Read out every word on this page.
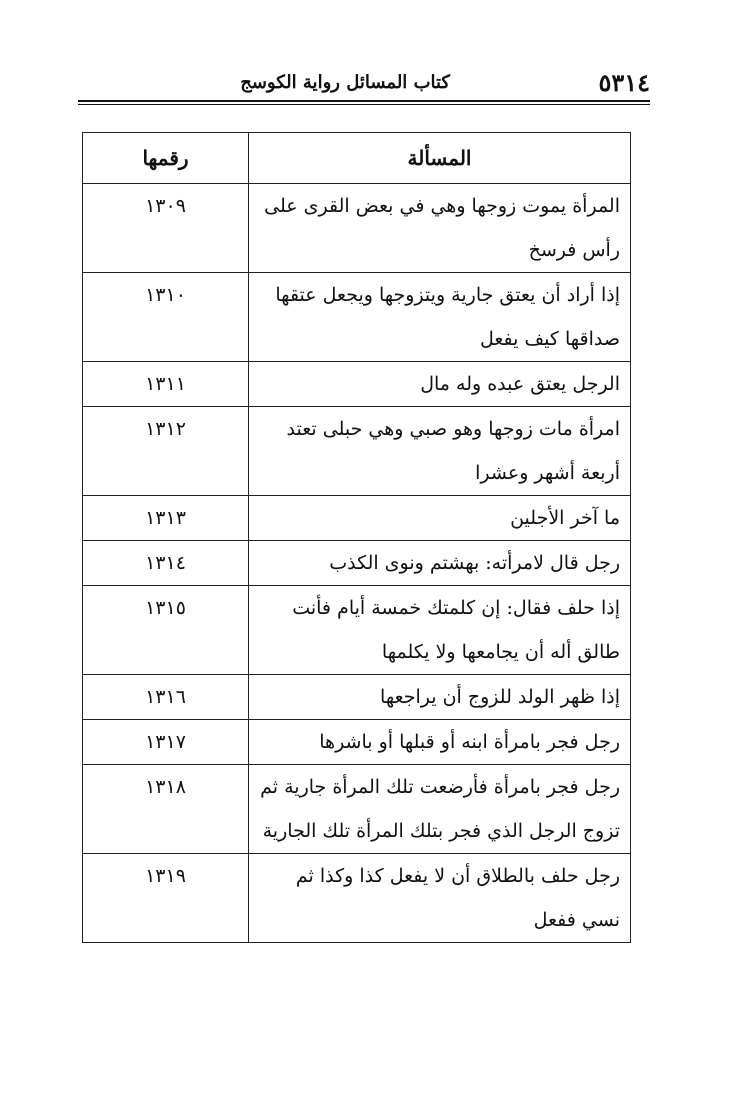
٥٣١٤
كتاب المسائل رواية الكوسج
المسألة	رقمها
المرأة يموت زوجها وهي في بعض القرى على رأس فرسخ	١٣٠٩
إذا أراد أن يعتق جارية ويتزوجها ويجعل عتقها صداقها كيف يفعل	١٣١٠
الرجل يعتق عبده وله مال	١٣١١
امرأة مات زوجها وهو صبي وهي حبلى تعتد أربعة أشهر وعشرا	١٣١٢
ما آخر الأجلين	١٣١٣
رجل قال لامرأته: بهشتم ونوى الكذب	١٣١٤
إذا حلف فقال: إن كلمتك خمسة أيام فأنت طالق أله أن يجامعها ولا يكلمها	١٣١٥
إذا ظهر الولد للزوج أن يراجعها	١٣١٦
رجل فجر بامرأة ابنه أو قبلها أو باشرها	١٣١٧
رجل فجر بامرأة فأرضعت تلك المرأة جارية ثم تزوج الرجل الذي فجر بتلك المرأة تلك الجارية	١٣١٨
رجل حلف بالطلاق أن لا يفعل كذا وكذا ثم نسي ففعل	١٣١٩
